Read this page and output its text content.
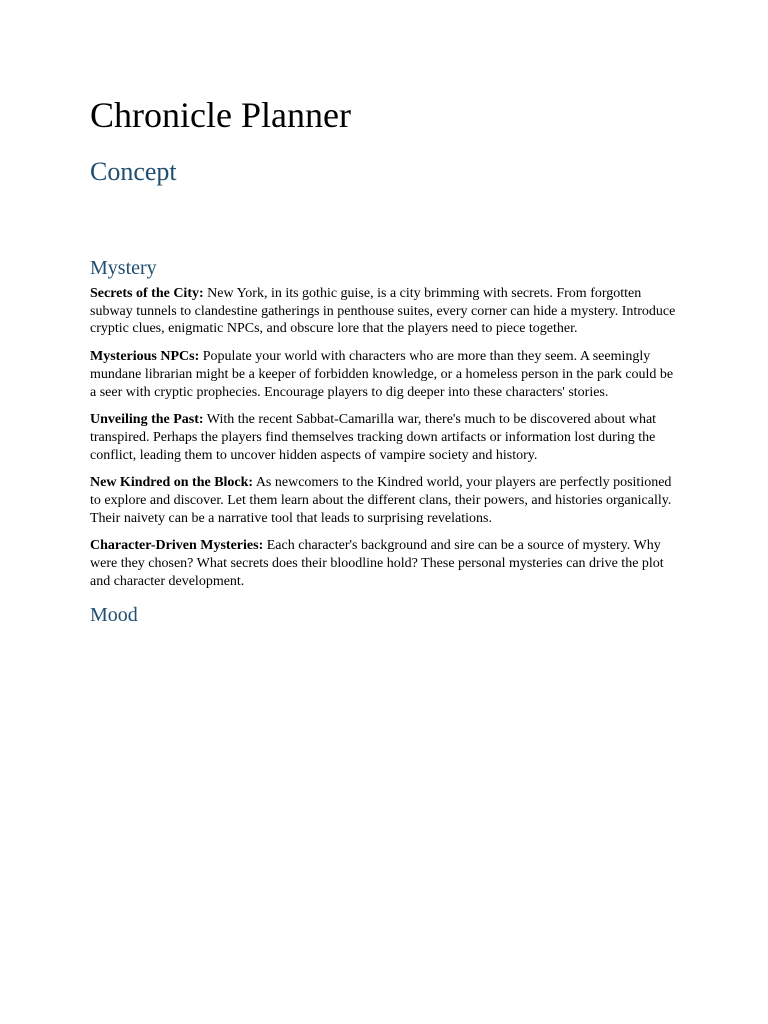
Chronicle Planner
Concept
Mystery

Secrets of the City: New York, in its gothic guise, is a city brimming with secrets. From forgotten subway tunnels to clandestine gatherings in penthouse suites, every corner can hide a mystery. Introduce cryptic clues, enigmatic NPCs, and obscure lore that the players need to piece together.

Mysterious NPCs: Populate your world with characters who are more than they seem. A seemingly mundane librarian might be a keeper of forbidden knowledge, or a homeless person in the park could be a seer with cryptic prophecies. Encourage players to dig deeper into these characters' stories.

Unveiling the Past: With the recent Sabbat-Camarilla war, there's much to be discovered about what transpired. Perhaps the players find themselves tracking down artifacts or information lost during the conflict, leading them to uncover hidden aspects of vampire society and history.

New Kindred on the Block: As newcomers to the Kindred world, your players are perfectly positioned to explore and discover. Let them learn about the different clans, their powers, and histories organically. Their naivety can be a narrative tool that leads to surprising revelations.

Character-Driven Mysteries: Each character's background and sire can be a source of mystery. Why were they chosen? What secrets does their bloodline hold? These personal mysteries can drive the plot and character development.

Mood
